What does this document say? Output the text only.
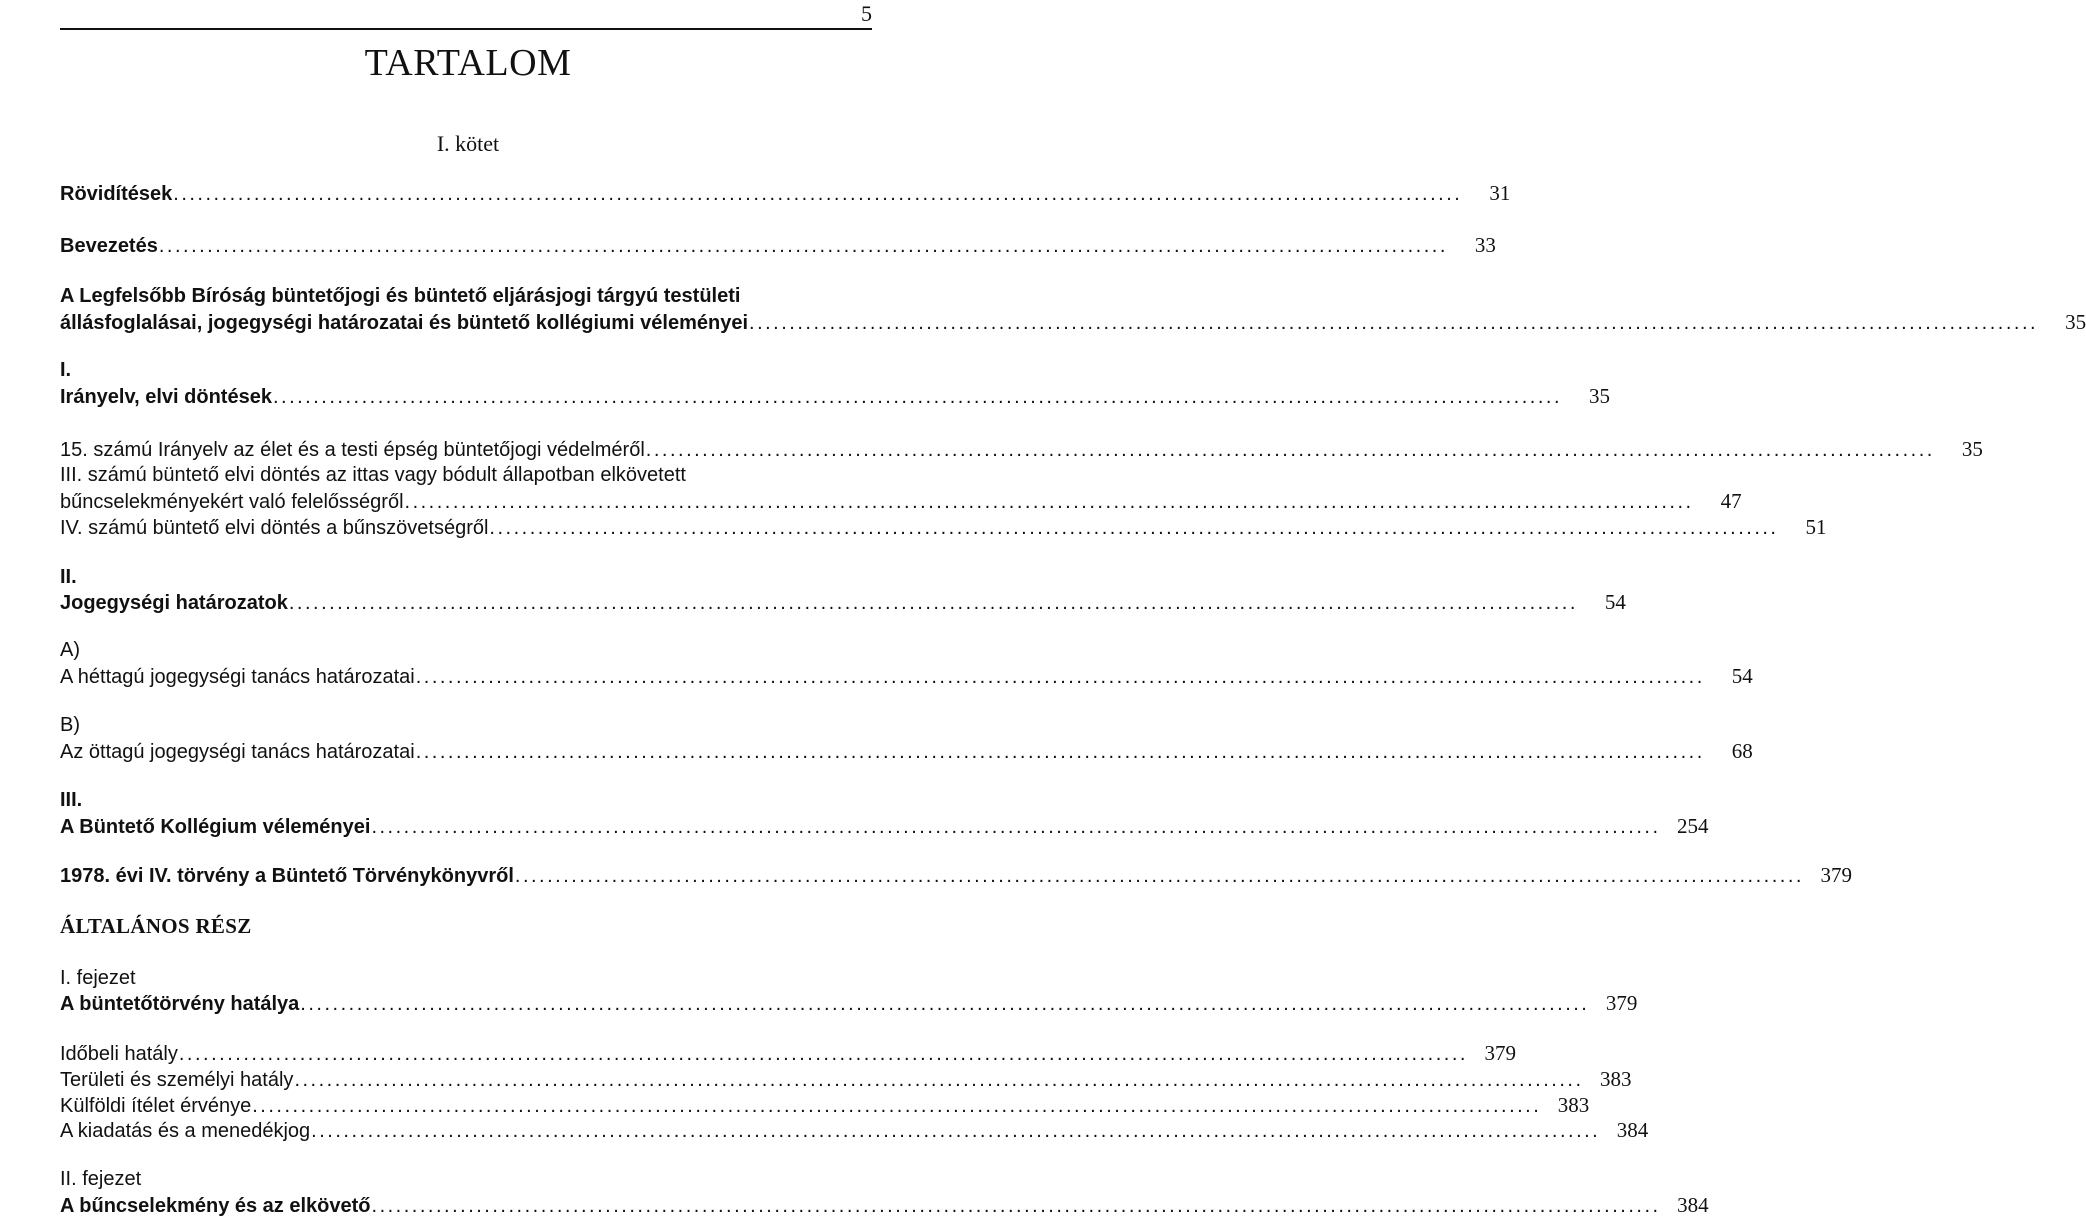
5
TARTALOM
I. kötet
Rövidítések ................................................................................................................................................................	31
Bevezetés ................................................................................................................................................................	33
A Legfelsőbb Bíróság büntetőjogi és büntető eljárásjogi tárgyú testületi
állásfoglalásai, jogegységi határozatai és büntető kollégiumi véleményei ................................................................................................................................................................	35
I.
Irányelv, elvi döntések ................................................................................................................................................................	35
15. számú Irányelv az élet és a testi épség büntetőjogi védelméről ................................................................................................................................................................	35
III. számú büntető elvi döntés az ittas vagy bódult állapotban elkövetett
bűncselekményekért való felelősségről ................................................................................................................................................................	47
IV. számú büntető elvi döntés a bűnszövetségről ................................................................................................................................................................	51
II.
Jogegységi határozatok ................................................................................................................................................................	54
A)
A héttagú jogegységi tanács határozatai ................................................................................................................................................................	54
B)
Az öttagú jogegységi tanács határozatai ................................................................................................................................................................	68
III.
A Büntető Kollégium véleményei ................................................................................................................................................................ 254
1978. évi IV. törvény a Büntető Törvénykönyvről ................................................................................................................................................................ 379
ÁLTALÁNOS RÉSZ
I. fejezet
A büntetőtörvény hatálya ................................................................................................................................................................ 379
Időbeli hatály ................................................................................................................................................................ 379
Területi és személyi hatály ................................................................................................................................................................ 383
Külföldi ítélet érvénye ................................................................................................................................................................ 383
A kiadatás és a menedékjog ................................................................................................................................................................ 384
II. fejezet
A bűncselekmény és az elkövető ................................................................................................................................................................ 384
